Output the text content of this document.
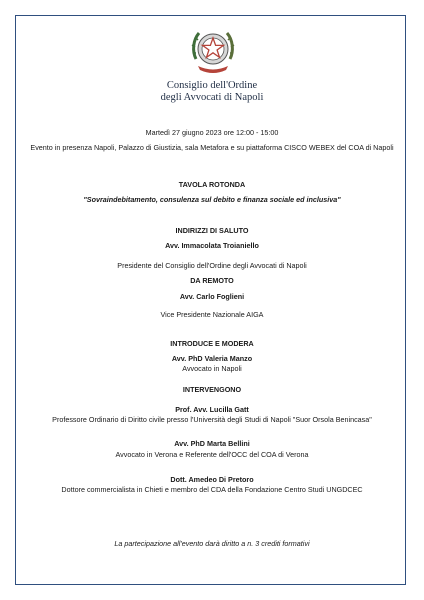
Consiglio dell'Ordine
degli Avvocati di Napoli
Martedì 27 giugno 2023 ore 12:00 - 15:00
Evento in presenza Napoli, Palazzo di Giustizia, sala Metafora e su piattaforma CISCO WEBEX del COA di Napoli
TAVOLA ROTONDA
"Sovraindebitamento, consulenza sul debito e finanza sociale ed inclusiva"
INDIRIZZI DI SALUTO
Avv. Immacolata Troianiello
Presidente del Consiglio dell'Ordine degli Avvocati di Napoli
DA REMOTO
Avv. Carlo Foglieni
Vice Presidente Nazionale AIGA
INTRODUCE E MODERA
Avv. PhD Valeria Manzo
Avvocato in Napoli
INTERVENGONO
Prof. Avv. Lucilla Gatt
Professore Ordinario di Diritto civile presso l'Università degli Studi di Napoli "Suor Orsola Benincasa"
Avv. PhD Marta Bellini
Avvocato in Verona e Referente dell'OCC del COA di Verona
Dott. Amedeo Di Pretoro
Dottore commercialista in Chieti e membro del CDA della Fondazione Centro Studi UNGDCEC
La partecipazione all'evento darà diritto a n. 3 crediti formativi
